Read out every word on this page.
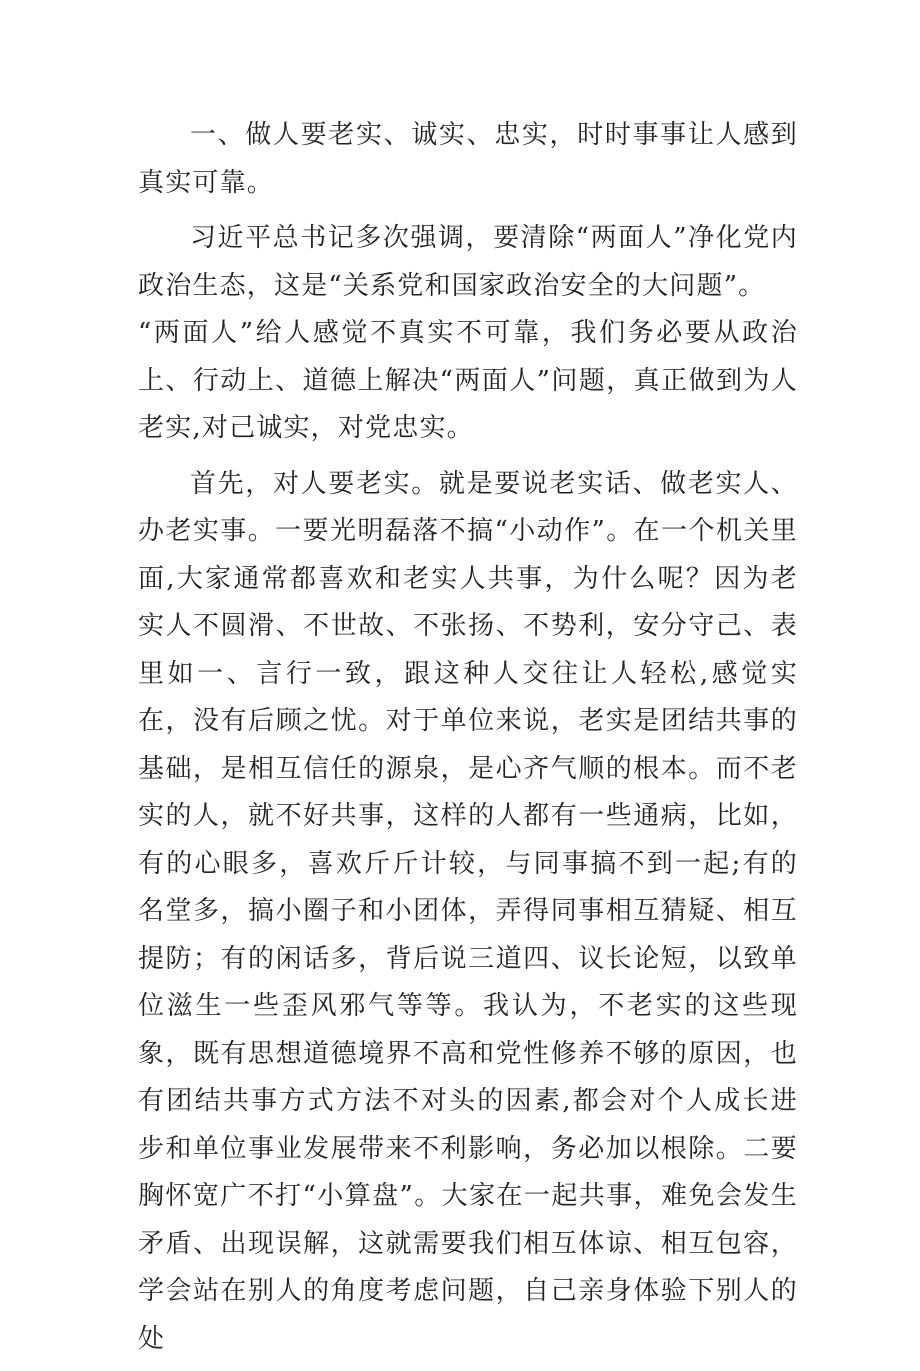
一、做人要老实、诚实、忠实，时时事事让人感到真实可靠。

习近平总书记多次强调，要清除“两面人”净化党内政治生态，这是“关系党和国家政治安全的大问题”。

“两面人”给人感觉不真实不可靠，我们务必要从政治上、行动上、道德上解决“两面人”问题，真正做到为人老实,对己诚实，对党忠实。

首先，对人要老实。就是要说老实话、做老实人、办老实事。一要光明磊落不搞“小动作”。在一个机关里面,大家通常都喜欢和老实人共事，为什么呢？因为老实人不圆滑、不世故、不张扬、不势利，安分守己、表里如一、言行一致，跟这种人交往让人轻松,感觉实在，没有后顾之忧。对于单位来说，老实是团结共事的基础，是相互信任的源泉，是心齐气顺的根本。而不老实的人，就不好共事，这样的人都有一些通病，比如，有的心眼多，喜欢斤斤计较，与同事搞不到一起;有的名堂多，搞小圈子和小团体，弄得同事相互猜疑、相互提防；有的闲话多，背后说三道四、议长论短，以致单位滋生一些歪风邪气等等。我认为，不老实的这些现象，既有思想道德境界不高和党性修养不够的原因，也有团结共事方式方法不对头的因素,都会对个人成长进步和单位事业发展带来不利影响，务必加以根除。二要胸怀宽广不打“小算盘”。大家在一起共事，难免会发生矛盾、出现误解，这就需要我们相互体谅、相互包容，学会站在别人的角度考虑问题，自己亲身体验下别人的处
